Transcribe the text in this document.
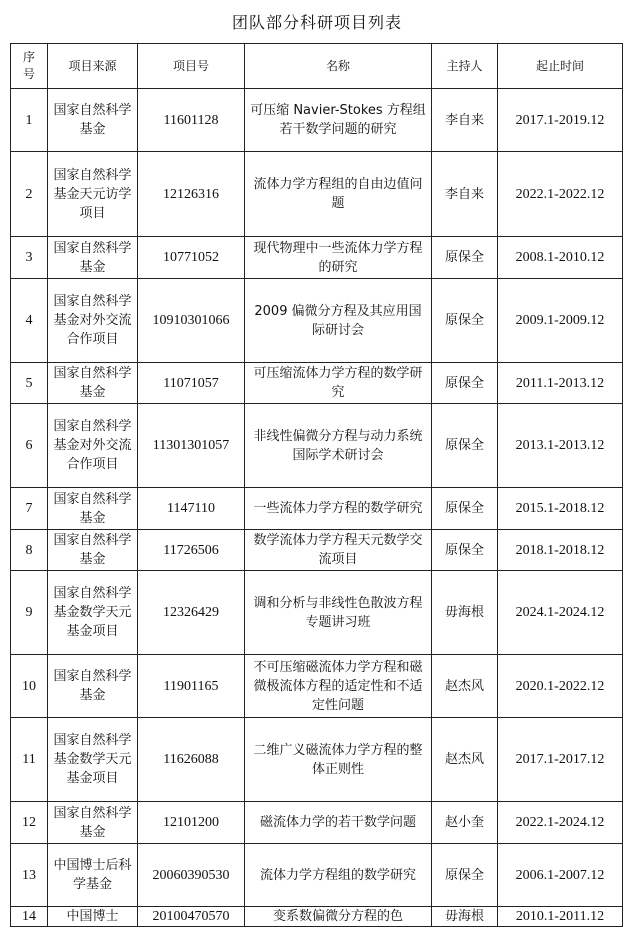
团队部分科研项目列表
序号	项目来源	项目号	名称	主持人	起止时间
1	国家自然科学基金	11601128	可压缩 Navier-Stokes 方程组若干数学问题的研究	李自来	2017.1-2019.12
2	国家自然科学基金天元访学项目	12126316	流体力学方程组的自由边值问题	李自来	2022.1-2022.12
3	国家自然科学基金	10771052	现代物理中一些流体力学方程的研究	原保全	2008.1-2010.12
4	国家自然科学基金对外交流合作项目	10910301066	2009 偏微分方程及其应用国际研讨会	原保全	2009.1-2009.12
5	国家自然科学基金	11071057	可压缩流体力学方程的数学研究	原保全	2011.1-2013.12
6	国家自然科学基金对外交流合作项目	11301301057	非线性偏微分方程与动力系统国际学术研讨会	原保全	2013.1-2013.12
7	国家自然科学基金	1147110	一些流体力学方程的数学研究	原保全	2015.1-2018.12
8	国家自然科学基金	11726506	数学流体力学方程天元数学交流项目	原保全	2018.1-2018.12
9	国家自然科学基金数学天元基金项目	12326429	调和分析与非线性色散波方程专题讲习班	毋海根	2024.1-2024.12
10	国家自然科学基金	11901165	不可压缩磁流体力学方程和磁微极流体方程的适定性和不适定性问题	赵杰风	2020.1-2022.12
11	国家自然科学基金数学天元基金项目	11626088	二维广义磁流体力学方程的整体正则性	赵杰风	2017.1-2017.12
12	国家自然科学基金	12101200	磁流体力学的若干数学问题	赵小奎	2022.1-2024.12
13	中国博士后科学基金	20060390530	流体力学方程组的数学研究	原保全	2006.1-2007.12
14	中国博士	20100470570	变系数偏微分方程的色	毋海根	2010.1-2011.12
